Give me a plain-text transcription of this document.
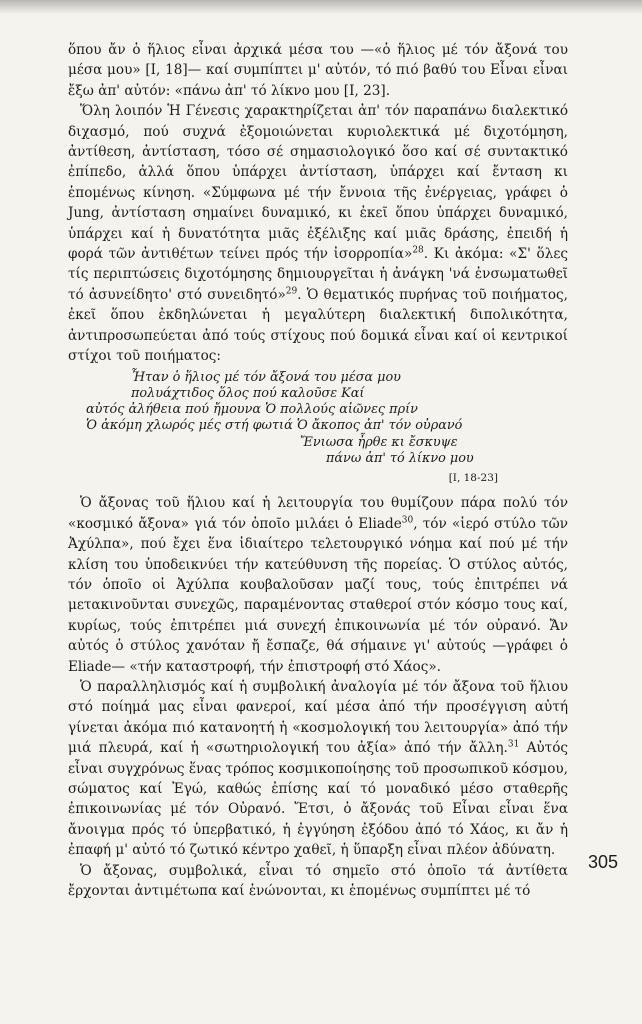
ὅπου ἄν ὁ ἥλιος εἶναι ἀρχικά μέσα του —«ὁ ἥλιος μέ τόν ἄξονά του μέσα μου» [Ι, 18]— καί συμπίπτει μ' αὐτόν, τό πιό βαθύ του Εἶναι εἶναι ἔξω ἀπ' αὐτόν: «πάνω ἀπ' τό λίκνο μου [Ι, 23].

Ὅλη λοιπόν Ἡ Γένεσις χαρακτηρίζεται ἀπ' τόν παραπάνω διαλεκτικό διχασμό, πού συχνά ἐξομοιώνεται κυριολεκτικά μέ διχοτόμηση, ἀντίθεση, ἀντίσταση, τόσο σέ σημασιολογικό ὅσο καί σέ συντακτικό ἐπίπεδο, ἀλλά ὅπου ὑπάρχει ἀντίσταση, ὑπάρχει καί ἔνταση κι ἑπομένως κίνηση. «Σύμφωνα μέ τήν ἔννοια τῆς ἐνέργειας, γράφει ὁ Jung, ἀντίσταση σημαίνει δυναμικό, κι ἐκεῖ ὅπου ὑπάρχει δυναμικό, ὑπάρχει καί ἡ δυνατότητα μιᾶς ἐξέλιξης καί μιᾶς δράσης, ἐπειδή ἡ φορά τῶν ἀντιθέτων τείνει πρός τήν ἰσορροπία»$^{28}$. Κι ἀκόμα: «Σ' ὅλες τίς περιπτώσεις διχοτόμησης δημιουργεῖται ἡ ἀνάγκη 'νά ἐνσωματωθεῖ τό ἀσυνείδητο' στό συνειδητό»$^{29}$. Ὁ θεματικός πυρήνας τοῦ ποιήματος, ἐκεῖ ὅπου ἐκδηλώνεται ἡ μεγαλύτερη διαλεκτική διπολικότητα, ἀντιπροσωπεύεται ἀπό τούς στίχους πού δομικά εἶναι καί οἱ κεντρικοί στίχοι τοῦ ποιήματος:

Ἦταν ὁ ἥλιος μέ τόν ἄξονά του μέσα μου
πολυάχτιδος ὅλος πού καλοῦσε Καί
αὐτός ἀλήθεια πού ἤμουνα Ὁ πολλούς αἰῶνες πρίν
Ὁ ἀκόμη χλωρός μές στή φωτιά Ὁ ἄκοπος ἀπ' τόν οὐρανό
Ἔνιωσα ἦρθε κι ἔσκυψε
πάνω ἀπ' τό λίκνο μου
[Ι, 18-23]

Ὁ ἄξονας τοῦ ἥλιου καί ἡ λειτουργία του θυμίζουν πάρα πολύ τόν «κοσμικό ἄξονα» γιά τόν ὁποῖο μιλάει ὁ Eliade$^{30}$, τόν «ἱερό στύλο τῶν Ἀχύλπα», πού ἔχει ἕνα ἰδιαίτερο τελετουργικό νόημα καί πού μέ τήν κλίση του ὑποδεικνύει τήν κατεύθυνση τῆς πορείας. Ὁ στύλος αὐτός, τόν ὁποῖο οἱ Ἀχύλπα κουβαλοῦσαν μαζί τους, τούς ἐπιτρέπει νά μετακινοῦνται συνεχῶς, παραμένοντας σταθεροί στόν κόσμο τους καί, κυρίως, τούς ἐπιτρέπει μιά συνεχή ἐπικοινωνία μέ τόν οὐρανό. Ἄν αὐτός ὁ στύλος χανόταν ἤ ἔσπαζε, θά σήμαινε γι' αὐτούς —γράφει ὁ Eliade— «τήν καταστροφή, τήν ἐπιστροφή στό Χάος».

Ὁ παραλληλισμός καί ἡ συμβολική ἀναλογία μέ τόν ἄξονα τοῦ ἥλιου στό ποίημά μας εἶναι φανεροί, καί μέσα ἀπό τήν προσέγγιση αὐτή γίνεται ἀκόμα πιό κατανοητή ἡ «κοσμολογική του λειτουργία» ἀπό τήν μιά πλευρά, καί ἡ «σωτηριολογική του ἀξία» ἀπό τήν ἄλλη.$^{31}$ Αὐτός εἶναι συγχρόνως ἕνας τρόπος κοσμικοποίησης τοῦ προσωπικοῦ κόσμου, σώματος καί Ἐγώ, καθώς ἐπίσης καί τό μοναδικό μέσο σταθερῆς ἐπικοινωνίας μέ τόν Οὐρανό. Ἔτσι, ὁ ἄξονάς τοῦ Εἶναι εἶναι ἕνα ἄνοιγμα πρός τό ὑπερβατικό, ἡ ἐγγύηση ἐξόδου ἀπό τό Χάος, κι ἄν ἡ ἐπαφή μ' αὐτό τό ζωτικό κέντρο χαθεῖ, ἡ ὕπαρξη εἶναι πλέον ἀδύνατη.

Ὁ ἄξονας, συμβολικά, εἶναι τό σημεῖο στό ὁποῖο τά ἀντίθετα ἔρχονται ἀντιμέτωπα καί ἑνώνονται, κι ἑπομένως συμπίπτει μέ τό

305
